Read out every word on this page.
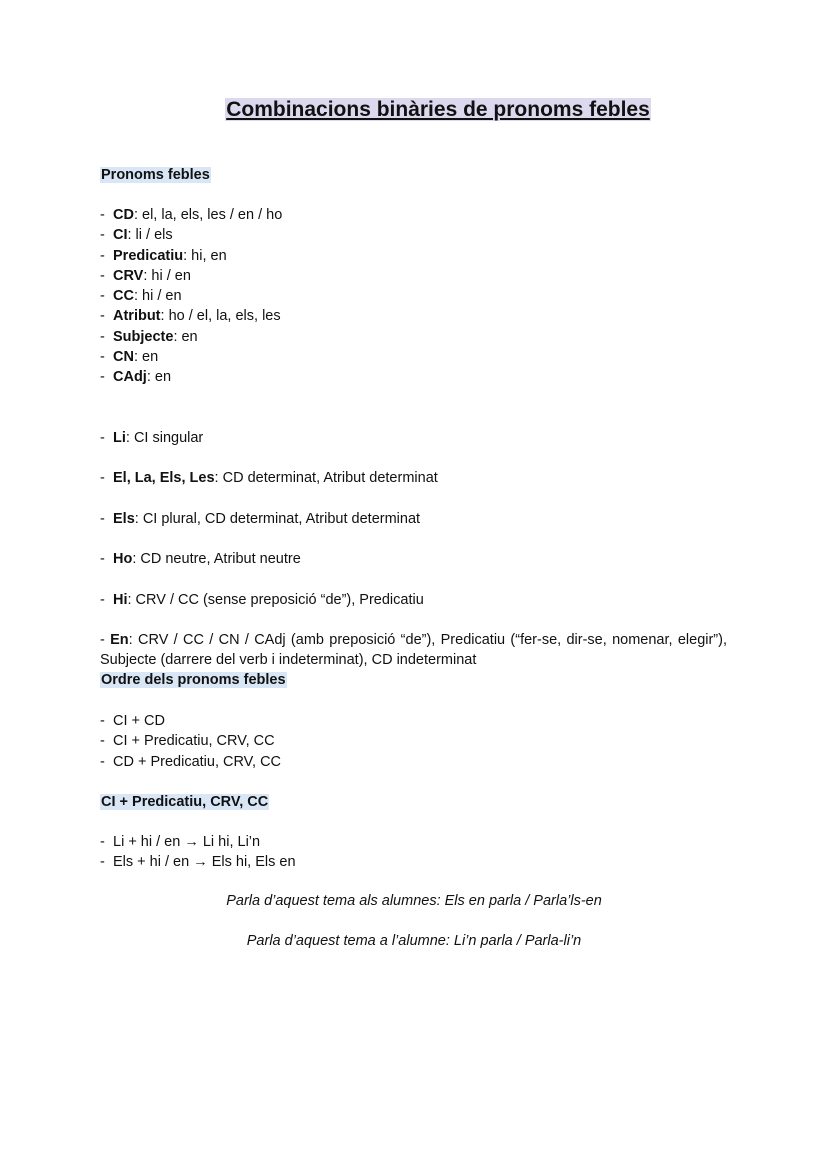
Combinacions binàries de pronoms febles
Pronoms febles
- CD: el, la, els, les / en / ho
- CI: li / els
- Predicatiu: hi, en
- CRV: hi / en
- CC: hi / en
- Atribut: ho / el, la, els, les
- Subjecte: en
- CN: en
- CAdj: en
- Li: CI singular
- El, La, Els, Les: CD determinat, Atribut determinat
- Els: CI plural, CD determinat, Atribut determinat
- Ho: CD neutre, Atribut neutre
- Hi: CRV / CC (sense preposició “de”), Predicatiu
- En: CRV / CC / CN / CAdj (amb preposició “de”), Predicatiu (“fer-se, dir-se, nomenar, elegir”), Subjecte (darrere del verb i indeterminat), CD indeterminat
Ordre dels pronoms febles
- CI + CD
- CI + Predicatiu, CRV, CC
- CD + Predicatiu, CRV, CC
CI + Predicatiu, CRV, CC
- Li + hi / en → Li hi, Li’n
- Els + hi / en → Els hi, Els en
Parla d’aquest tema als alumnes: Els en parla / Parla’ls-en
Parla d’aquest tema a l’alumne: Li’n parla / Parla-li’n
